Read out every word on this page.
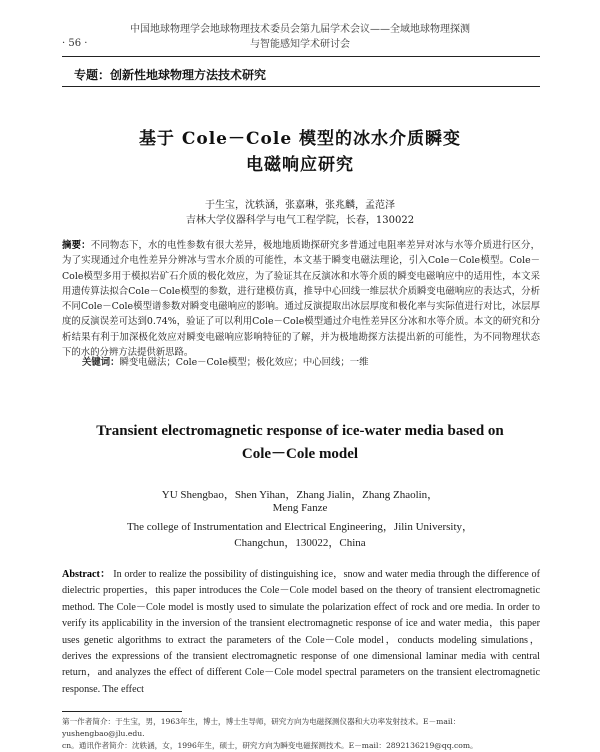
中国地球物理学会地球物理技术委员会第九届学术会议——全域地球物理探测
与智能感知学术研讨会
· 56 ·
专题：创新性地球物理方法技术研究
基于 Cole－Cole 模型的冰水介质瞬变
电磁响应研究
于生宝，沈轶涵，张嘉琳，张兆麟，孟范泽
吉林大学仪器科学与电气工程学院，长春，130022
摘要：不同物态下，水的电性参数有很大差异，极地地质勘探研究多普通过电阻率差异对冰与水等介质进行区分，为了实现通过介电性差异分辨冰与雪水介质的可能性，本文基于瞬变电磁法理论，引入Cole－Cole模型。Cole－Cole模型多用于模拟岩矿石介质的极化效应，为了验证其在反演冰和水等介质的瞬变电磁响应中的适用性，本文采用遗传算法拟合Cole－Cole模型的参数，进行建模仿真，推导中心回线一维层状介质瞬变电磁响应的表达式，分析不同Cole－Cole模型谱参数对瞬变电磁响应的影响。通过反演提取出冰层厚度和极化率与实际值进行对比，冰层厚度的反演误差可达到0.74%，验证了可以利用Cole－Cole模型通过介电性差异区分冰和水等介质。本文的研究和分析结果有利于加深极化效应对瞬变电磁响应影响特征的了解，并为极地勘探方法提出新的可能性，为不同物理状态下的水的分辨方法提供新思路。
关键词：瞬变电磁法；Cole－Cole模型；极化效应；中心回线；一维
Transient electromagnetic response of ice-water media based on
Cole－Cole model
YU Shengbao，Shen Yihan，Zhang Jialin，Zhang Zhaolin，
Meng Fanze
The college of Instrumentation and Electrical Engineering，Jilin University，
Changchun，130022，China
Abstract： In order to realize the possibility of distinguishing ice，snow and water media through the difference of dielectric properties，this paper introduces the Cole－Cole model based on the theory of transient electromagnetic method. The Cole－Cole model is mostly used to simulate the polarization effect of rock and ore media. In order to verify its applicability in the inversion of the transient electromagnetic response of ice and water media，this paper uses genetic algorithms to extract the parameters of the Cole－Cole model，conducts modeling simulations，derives the expressions of the transient electromagnetic response of one dimensional laminar media with central return，and analyzes the effect of different Cole－Cole model spectral parameters on the transient electromagnetic response. The effect
第一作者简介：于生宝，男，1963年生，博士，博士生导师，研究方向为电磁探测仪器和大功率发射技术。E－mail：yushengbao@jlu.edu.
cn。通讯作者简介：沈轶涵，女，1996年生，硕士，研究方向为瞬变电磁探测技术。E－mail：2892136219@qq.com。
